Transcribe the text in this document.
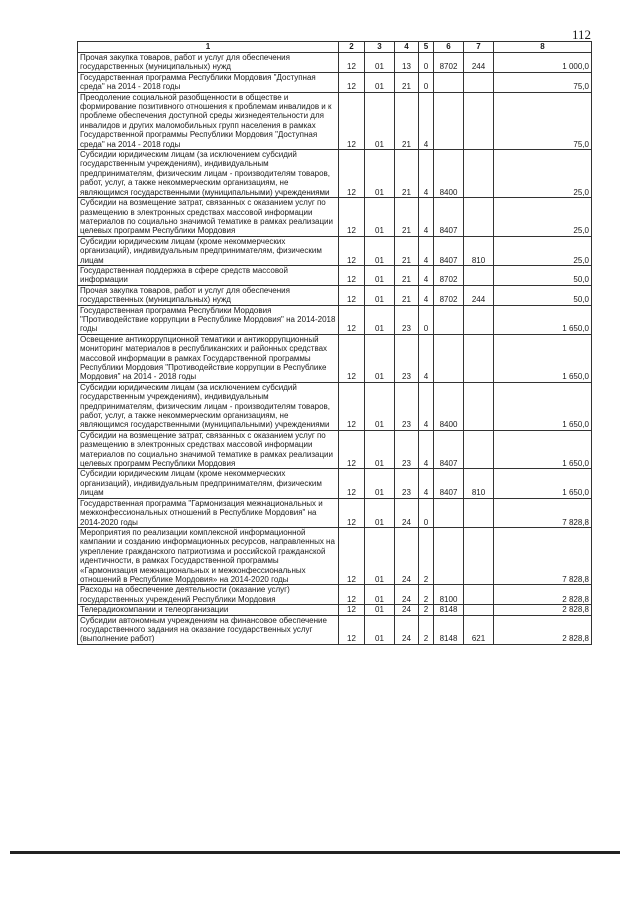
112
1	2	3	4	5	6	7	8
Прочая закупка товаров, работ и услуг для обеспечения государственных (муниципальных) нужд	12	01	13	0	8702	244	1 000,0
Государственная программа Республики Мордовия "Доступная среда" на 2014 - 2018 годы	12	01	21	0			75,0
Преодоление социальной разобщенности в обществе и формирование позитивного отношения к проблемам инвалидов и к проблеме обеспечения доступной среды жизнедеятельности для инвалидов и других маломобильных групп населения в рамках Государственной программы Республики Мордовия "Доступная среда" на 2014 - 2018 годы	12	01	21	4			75,0
Субсидии юридическим лицам (за исключением субсидий государственным учреждениям), индивидуальным предпринимателям, физическим лицам - производителям товаров, работ, услуг, а также некоммерческим организациям, не являющимся государственными (муниципальными) учреждениями	12	01	21	4	8400		25,0
Субсидии на возмещение затрат, связанных с оказанием услуг по размещению в электронных средствах массовой информации материалов по социально значимой тематике в рамках реализации целевых программ Республики Мордовия	12	01	21	4	8407		25,0
Субсидии юридическим лицам (кроме некоммерческих организаций), индивидуальным предпринимателям, физическим лицам	12	01	21	4	8407	810	25,0
Государственная поддержка в сфере средств массовой информации	12	01	21	4	8702		50,0
Прочая закупка товаров, работ и услуг для обеспечения государственных (муниципальных) нужд	12	01	21	4	8702	244	50,0
Государственная программа Республики Мордовия "Противодействие коррупции в Республике Мордовия" на 2014-2018 годы	12	01	23	0			1 650,0
Освещение антикоррупционной тематики и антикоррупционный мониторинг материалов в республиканских и районных средствах массовой информации в рамках Государственной программы Республики Мордовия "Противодействие коррупции в Республике Мордовия" на 2014 - 2018 годы	12	01	23	4			1 650,0
Субсидии юридическим лицам (за исключением субсидий государственным учреждениям), индивидуальным предпринимателям, физическим лицам - производителям товаров, работ, услуг, а также некоммерческим организациям, не являющимся государственными (муниципальными) учреждениями	12	01	23	4	8400		1 650,0
Субсидии на возмещение затрат, связанных с оказанием услуг по размещению в электронных средствах массовой информации материалов по социально значимой тематике в рамках реализации целевых программ Республики Мордовия	12	01	23	4	8407		1 650,0
Субсидии юридическим лицам (кроме некоммерческих организаций), индивидуальным предпринимателям, физическим лицам	12	01	23	4	8407	810	1 650,0
Государственная программа "Гармонизация межнациональных и межконфессиональных отношений в Республике Мордовия" на 2014-2020 годы	12	01	24	0			7 828,8
Мероприятия по реализации комплексной информационной кампании и созданию информационных ресурсов, направленных на укрепление гражданского патриотизма и российской гражданской идентичности, в рамках Государственной программы «Гармонизация межнациональных и межконфессиональных отношений в Республике Мордовия» на 2014-2020 годы	12	01	24	2			7 828,8
Расходы на обеспечение деятельности (оказание услуг) государственных учреждений Республики Мордовия	12	01	24	2	8100		2 828,8
Телерадиокомпании и телеорганизации	12	01	24	2	8148		2 828,8
Субсидии автономным учреждениям на финансовое обеспечение государственного задания на оказание государственных услуг (выполнение работ)	12	01	24	2	8148	621	2 828,8
